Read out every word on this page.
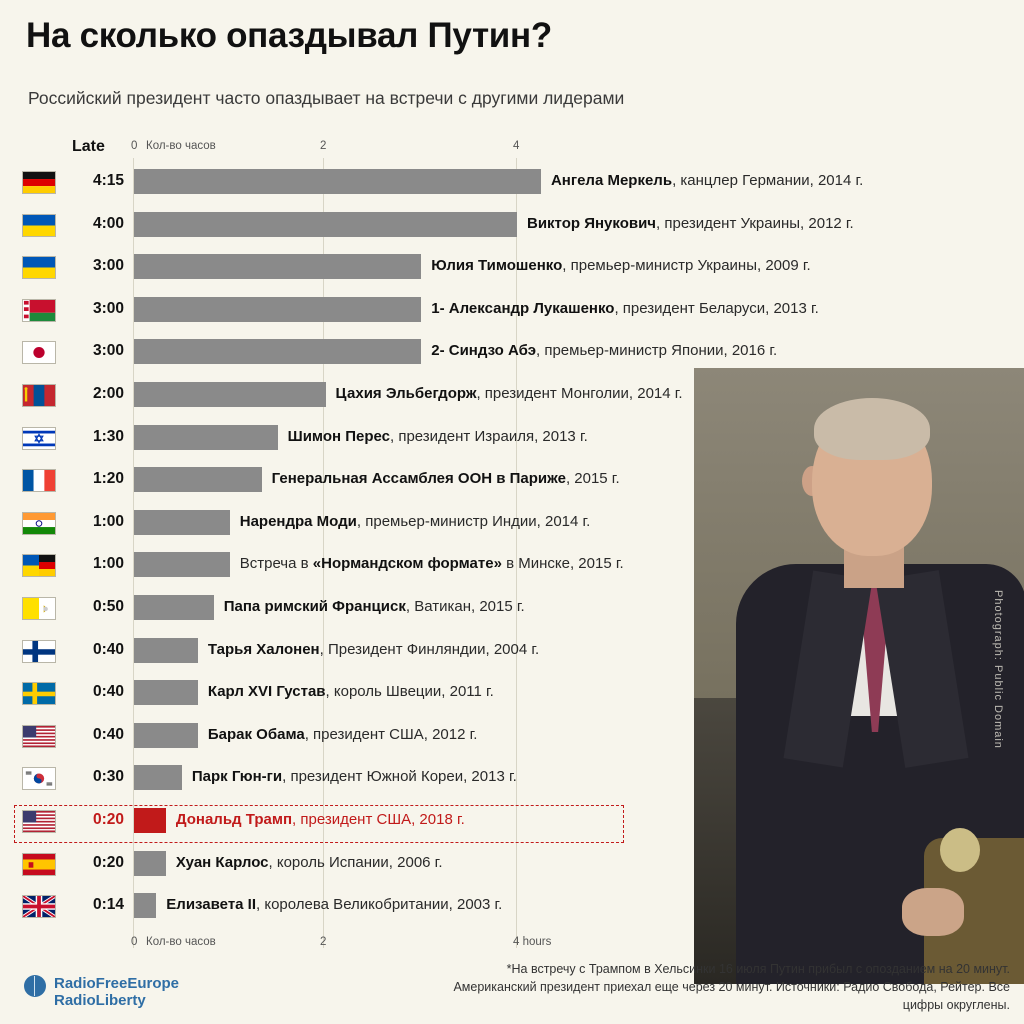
На сколько опаздывал Путин?
Российский президент часто опаздывает на встречи с другими лидерами
Photograph: Public Domain
Late 0 Кол-во часов	2	4
4:15	Ангела Меркель, канцлер Германии, 2014 г.
4:00	Виктор Янукович, президент Украины, 2012 г.
3:00	Юлия Тимошенко, премьер-министр Украины, 2009 г.
3:00	1- Александр Лукашенко, президент Беларуси, 2013 г.
3:00	2- Синдзо Абэ, премьер-министр Японии, 2016 г.
2:00	Цахия Эльбегдорж, президент Монголии, 2014 г.
1:30	Шимон Перес, президент Израиля, 2013 г.
1:20	Генеральная Ассамблея ООН в Париже, 2015 г.
1:00	Нарендра Моди, премьер-министр Индии, 2014 г.
1:00	Встреча в «Нормандском формате» в Минске, 2015 г.
0:50	Папа римский Франциск, Ватикан, 2015 г.
0:40	Тарья Халонен, Президент Финляндии, 2004 г.
0:40	Карл XVI Густав, король Швеции, 2011 г.
0:40	Барак Обама, президент США, 2012 г.
0:30	Парк Гюн-ги, президент Южной Кореи, 2013 г.
0:20	Дональд Трамп, президент США, 2018 г.
0:20	Хуан Карлос, король Испании, 2006 г.
0:14	Елизавета II, королева Великобритании, 2003 г.
0 Кол-во часов	2	4 hours
*На встречу с Трампом в Хельсинки 16 июля Путин прибыл с опозданием на 20 минут. Американский президент приехал еще через 20 минут. Источники: Радио Свобода, Рейтер. Все цифры округлены.
RadioFreeEurope
RadioLiberty
